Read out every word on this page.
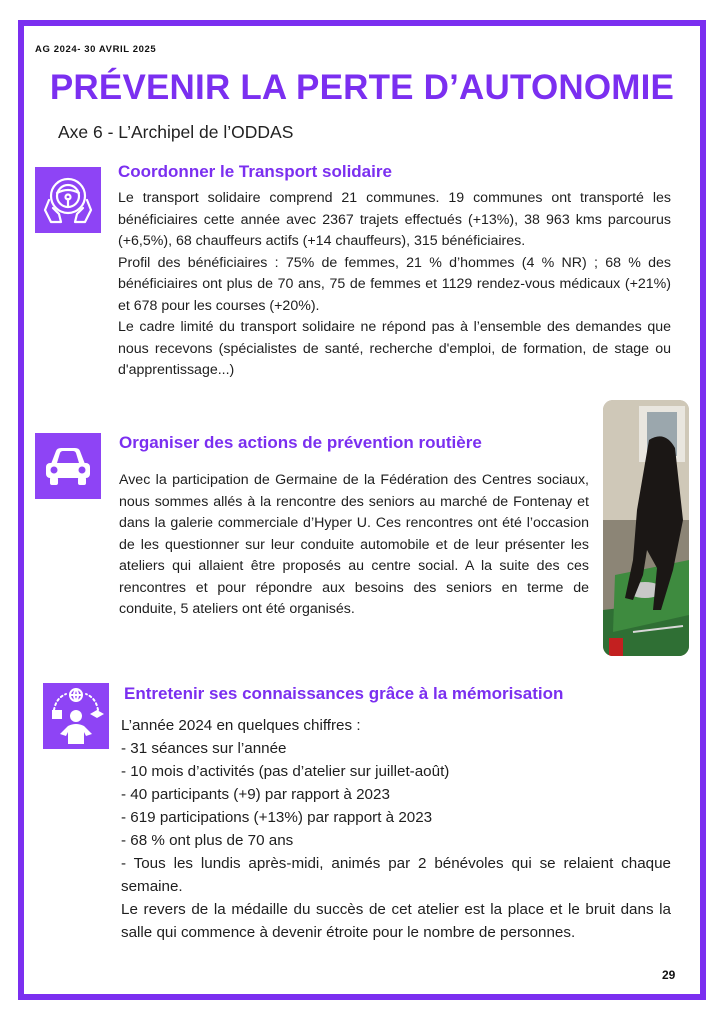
AG 2024- 30 AVRIL 2025
PRÉVENIR LA PERTE D’AUTONOMIE
Axe 6 - L’Archipel de l’ODDAS
Coordonner le Transport solidaire

Le transport solidaire comprend 21 communes. 19 communes ont transporté les bénéficiaires cette année avec 2367 trajets effectués (+13%), 38 963 kms parcourus (+6,5%), 68 chauffeurs actifs (+14 chauffeurs), 315 bénéficiaires.

Profil des bénéficiaires : 75% de femmes, 21 % d’hommes (4 % NR) ; 68 % des bénéficiaires ont plus de 70 ans, 75 de femmes et 1129 rendez-vous médicaux (+21%) et 678 pour les courses (+20%).

Le cadre limité du transport solidaire ne répond pas à l’ensemble des demandes que nous recevons (spécialistes de santé, recherche d'emploi, de formation, de stage ou d'apprentissage...)

Organiser des actions de prévention routière

Avec la participation de Germaine de la Fédération des Centres sociaux, nous sommes allés à la rencontre des seniors au marché de Fontenay et dans la galerie commerciale d’Hyper U. Ces rencontres ont été l’occasion de les questionner sur leur conduite automobile et de leur présenter les ateliers qui allaient être proposés au centre social. A la suite des ces rencontres et pour répondre aux besoins des seniors en terme de conduite, 5 ateliers ont été organisés.

Entretenir ses connaissances grâce à la mémorisation
L’année 2024 en quelques chiffres :
- 31 séances sur l’année
- 10 mois d’activités (pas d’atelier sur juillet-août)
- 40 participants (+9) par rapport à 2023
- 619 participations (+13%) par rapport à 2023
- 68 % ont plus de 70 ans
- Tous les lundis après-midi, animés par 2 bénévoles qui se relaient chaque semaine.
Le revers de la médaille du succès de cet atelier est la place et le bruit dans la salle qui commence à devenir étroite pour le nombre de personnes.
29
